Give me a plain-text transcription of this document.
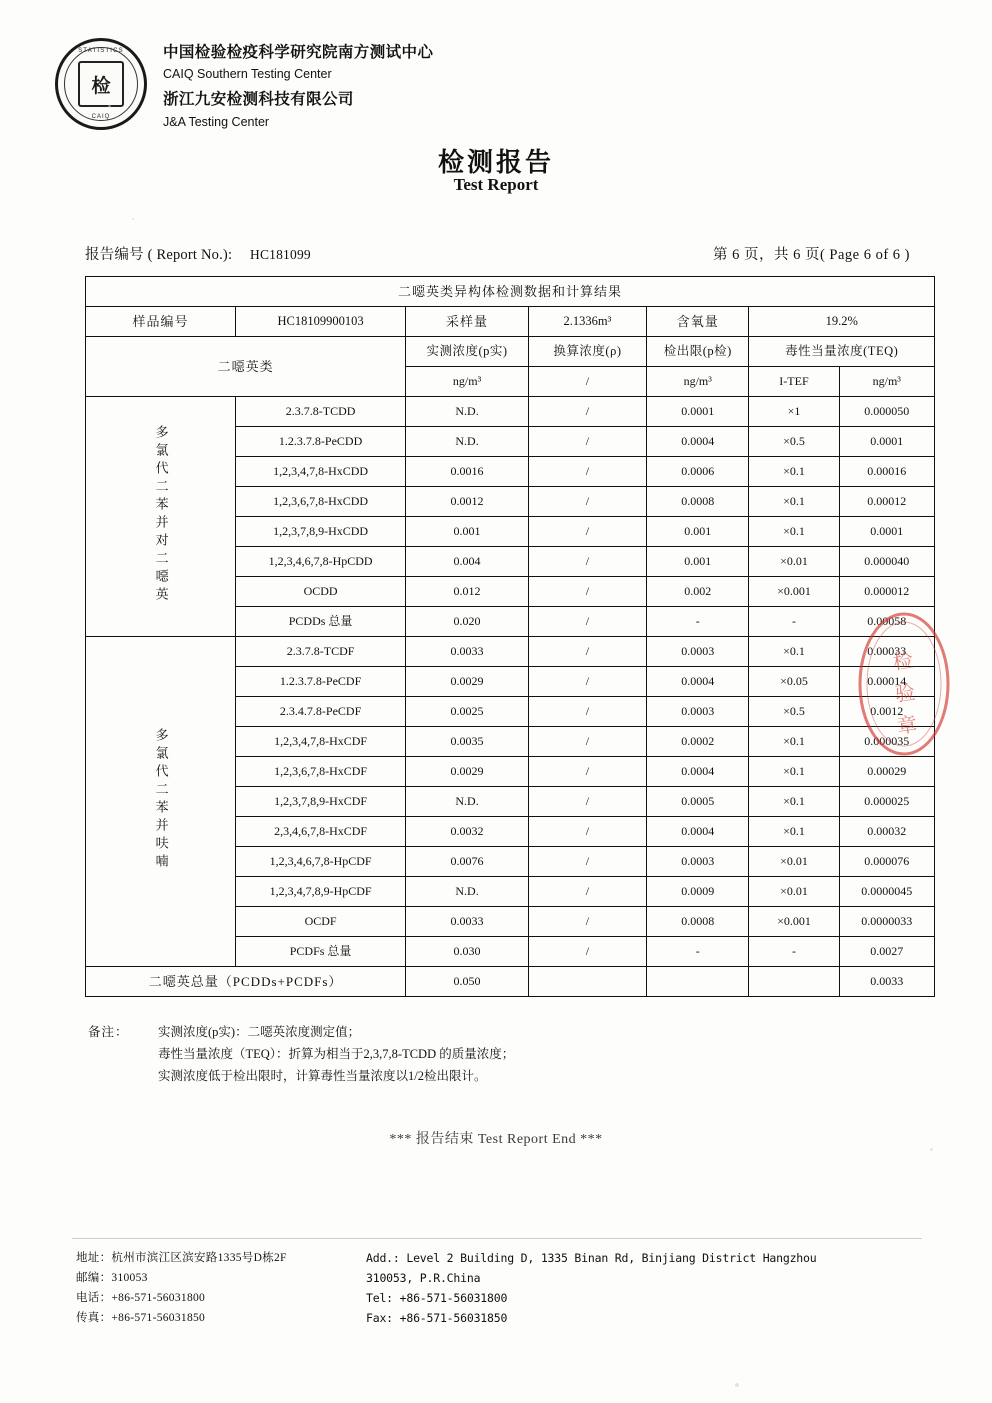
STATISTICS
检
CAIQ
中国检验检疫科学研究院南方测试中心
CAIQ Southern Testing Center
浙江九安检测科技有限公司
J&A Testing Center
检测报告
Test Report
报告编号 ( Report No.): HC181099	第 6 页，共 6 页( Page 6 of 6 )
二噁英类异构体检测数据和计算结果						
样品编号	HC18109900103	采样量	2.1336m³	含氧量	19.2%	
二噁英类		实测浓度(p实)	换算浓度(ρ)	检出限(p检)	毒性当量浓度(TEQ)	
		ng/m³	/	ng/m³	I-TEF	ng/m³
多氯代二苯并对二噁英	2.3.7.8-TCDD	N.D.	/	0.0001	×1	0.000050
	1.2.3.7.8-PeCDD	N.D.	/	0.0004	×0.5	0.0001
	1,2,3,4,7,8-HxCDD	0.0016	/	0.0006	×0.1	0.00016
	1,2,3,6,7,8-HxCDD	0.0012	/	0.0008	×0.1	0.00012
	1,2,3,7,8,9-HxCDD	0.001	/	0.001	×0.1	0.0001
	1,2,3,4,6,7,8-HpCDD	0.004	/	0.001	×0.01	0.000040
	OCDD	0.012	/	0.002	×0.001	0.000012
	PCDDs 总量	0.020	/	-	-	0.00058
多氯代二苯并呋喃	2.3.7.8-TCDF	0.0033	/	0.0003	×0.1	0.00033
	1.2.3.7.8-PeCDF	0.0029	/	0.0004	×0.05	0.00014
	2.3.4.7.8-PeCDF	0.0025	/	0.0003	×0.5	0.0012
	1,2,3,4,7,8-HxCDF	0.0035	/	0.0002	×0.1	0.000035
	1,2,3,6,7,8-HxCDF	0.0029	/	0.0004	×0.1	0.00029
	1,2,3,7,8,9-HxCDF	N.D.	/	0.0005	×0.1	0.000025
	2,3,4,6,7,8-HxCDF	0.0032	/	0.0004	×0.1	0.00032
	1,2,3,4,6,7,8-HpCDF	0.0076	/	0.0003	×0.01	0.000076
	1,2,3,4,7,8,9-HpCDF	N.D.	/	0.0009	×0.01	0.0000045
	OCDF	0.0033	/	0.0008	×0.001	0.0000033
	PCDFs 总量	0.030	/	-	-	0.0027
二噁英总量（PCDDs+PCDFs）		0.050				0.0033
备注： 实测浓度(p实)：二噁英浓度测定值；
毒性当量浓度（TEQ）：折算为相当于2,3,7,8-TCDD 的质量浓度；
实测浓度低于检出限时，计算毒性当量浓度以1/2检出限计。
*** 报告结束 Test Report End ***
地址：杭州市滨江区滨安路1335号D栋2F
邮编：310053
电话：+86-571-56031800
传真：+86-571-56031850
Add.: Level 2 Building D, 1335 Binan Rd, Binjiang District Hangzhou
310053, P.R.China
Tel: +86-571-56031800
Fax: +86-571-56031850
检
验
章
